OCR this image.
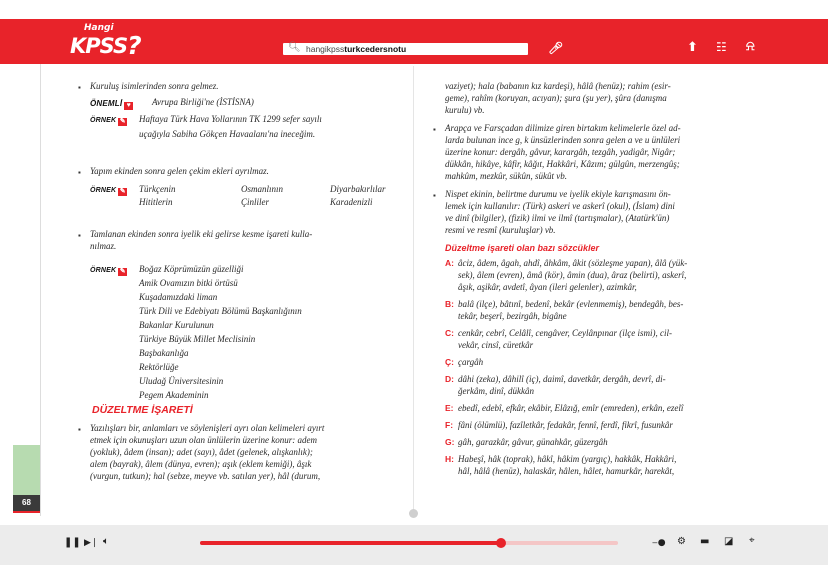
Hangi
KPSS?	🔍︎ hangikpssturkcedersnotu	🎤︎	⬆︎ ☷ ⍾
68
▪ Kuruluş isimlerinden sonra gelmez.
ÖNEMLİ ♥ Avrupa Birliği'ne (İSTİSNA)
ÖRNEK ✎ Haftaya Türk Hava Yollarının TK 1299 sefer sayılı
uçağıyla Sabiha Gökçen Havaalanı'na ineceğim.
▪ Yapım ekinden sonra gelen çekim ekleri ayrılmaz.
ÖRNEK ✎ Türkçenin	Osmanlının	Diyarbakırlılar
Hititlerin	Çinliler	Karadenizli
▪ Tamlanan ekinden sonra iyelik eki gelirse kesme işareti kulla-
nılmaz.
ÖRNEK ✎ Boğaz Köprümüzün güzelliği
Amik Ovamızın bitki örtüsü
Kuşadamızdaki liman
Türk Dili ve Edebiyatı Bölümü Başkanlığının
Bakanlar Kurulunun
Türkiye Büyük Millet Meclisinin
Başbakanlığa
Rektörlüğe
Uludağ Üniversitesinin
Pegem Akademinin
DÜZELTME İŞARETİ
▪ Yazılışları bir, anlamları ve söylenişleri ayrı olan kelimeleri ayırt
etmek için okunuşları uzun olan ünlülerin üzerine konur: adem
(yokluk), âdem (insan); adet (sayı), âdet (gelenek, alışkanlık);
alem (bayrak), âlem (dünya, evren); aşık (eklem kemiği), âşık
(vurgun, tutkun); hal (sebze, meyve vb. satılan yer), hâl (durum,
vaziyet); hala (babanın kız kardeşi), hâlâ (henüz); rahim (esir-
geme), rahîm (koruyan, acıyan); şura (şu yer), şûra (danışma
kurulu) vb.
▪ Arapça ve Farsçadan dilimize giren birtakım kelimelerle özel ad-
larda bulunan ince g, k ünsüzlerinden sonra gelen a ve u ünlüleri
üzerine konur: dergâh, gâvur, karargâh, tezgâh, yadigâr, Nigâr;
dükkân, hikâye, kâfir, kâğıt, Hakkâri, Kâzım; gülgûn, merzengûş;
mahkûm, mezkûr, sükûn, sükût vb.
▪ Nispet ekinin, belirtme durumu ve iyelik ekiyle karışmasını ön-
lemek için kullanılır: (Türk) askeri ve askerî (okul), (İslam) dini
ve dinî (bilgiler), (fizik) ilmi ve ilmî (tartışmalar), (Atatürk'ün)
resmi ve resmî (kuruluşlar) vb.
Düzeltme işareti olan bazı sözcükler
A: âciz, âdem, âgah, ahdî, âhkâm, âkit (sözleşme yapan), âlâ (yük-
sek), âlem (evren), âmâ (kör), âmin (dua), âraz (belirti), askerî,
âşık, aşikâr, avdetî, âyan (ileri gelenler), azimkâr,
B: balâ (ilçe), bâtınî, bedenî, bekâr (evlenmemiş), bendegâh, bes-
tekâr, beşerî, bezirgâh, bigâne
C: cenkâr, cebrî, Celâlî, cengâver, Ceylânpınar (ilçe ismi), cil-
vekâr, cinsî, cüretkâr
Ç: çargâh
D: dâhi (zeka), dâhilî (iç), daimî, davetkâr, dergâh, devrî, di-
ğerkâm, dinî, dükkân
E: ebedî, edebî, efkâr, ekâbir, Elâzığ, emîr (emreden), erkân, ezelî
F: fâni (ölümlü), fazîletkâr, fedakâr, fennî, ferdî, fikrî, fusunkâr
G: gâh, garazkâr, gâvur, günahkâr, güzergâh
H: Habeşî, hâk (toprak), hâkî, hâkim (yargıç), hakkâk, Hakkâri,
hâl, hâlâ (henüz), halaskâr, hâlen, hâlet, hamurkâr, harekât,
❚❚ ▶❘ 🔈︎	‒● ⚙︎ ▬ ◪ ⌖
